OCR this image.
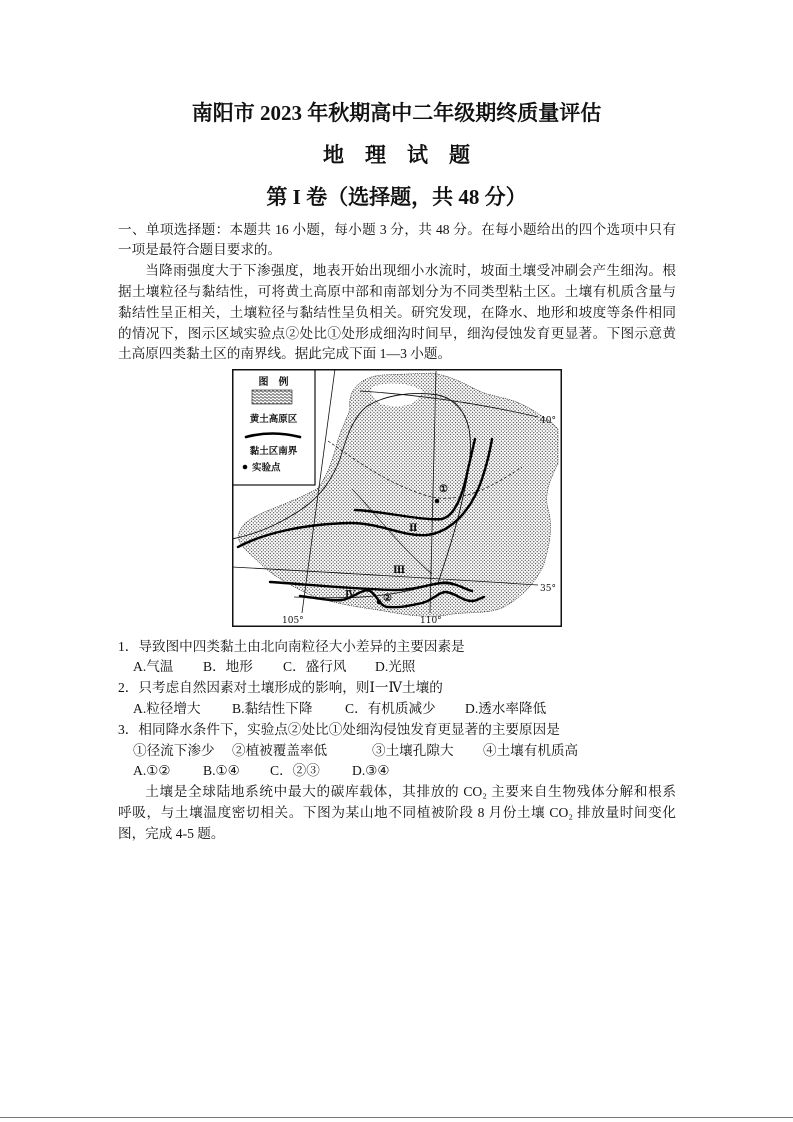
南阳市 2023 年秋期高中二年级期终质量评估
地　理　试　题
第 I 卷（选择题，共 48 分）
一、单项选择题：本题共 16 小题，每小题 3 分，共 48 分。在每小题给出的四个选项中只有
一项是最符合题目要求的。
当降雨强度大于下渗强度，地表开始出现细小水流时，坡面土壤受冲刷会产生细沟。根
据土壤粒径与黏结性，可将黄土高原中部和南部划分为不同类型粘土区。土壤有机质含量与
黏结性呈正相关，土壤粒径与黏结性呈负相关。研究发现，在降水、地形和坡度等条件相同
的情况下，图示区域实验点②处比①处形成细沟时间早，细沟侵蚀发育更显著。下图示意黄
土高原四类黏土区的南界线。据此完成下面 1—3 小题。
40°
35°
105°	110°
Ⅱ
Ⅲ
Ⅳ
①
②
图　例
黄土高原区
黏土区南界
实验点
1．导致图中四类黏土由北向南粒径大小差异的主要因素是
A.气温 B．地形 C．盛行风 D.光照
2．只考虑自然因素对土壤形成的影响，则Ⅰ一Ⅳ土壤的
A.粒径增大 B.黏结性下降 C．有机质减少 D.透水率降低
3．相同降水条件下，实验点②处比①处细沟侵蚀发育更显著的主要原因是
①径流下渗少 ②植被覆盖率低	③土壤孔隙大 ④土壤有机质高
A.①② B.①④ C．②③ D.③④
土壤是全球陆地系统中最大的碳库载体，其排放的 CO₂ 主要来自生物残体分解和根系
呼吸，与土壤温度密切相关。下图为某山地不同植被阶段 8 月份土壤 CO₂ 排放量时间变化
图，完成 4-5 题。
